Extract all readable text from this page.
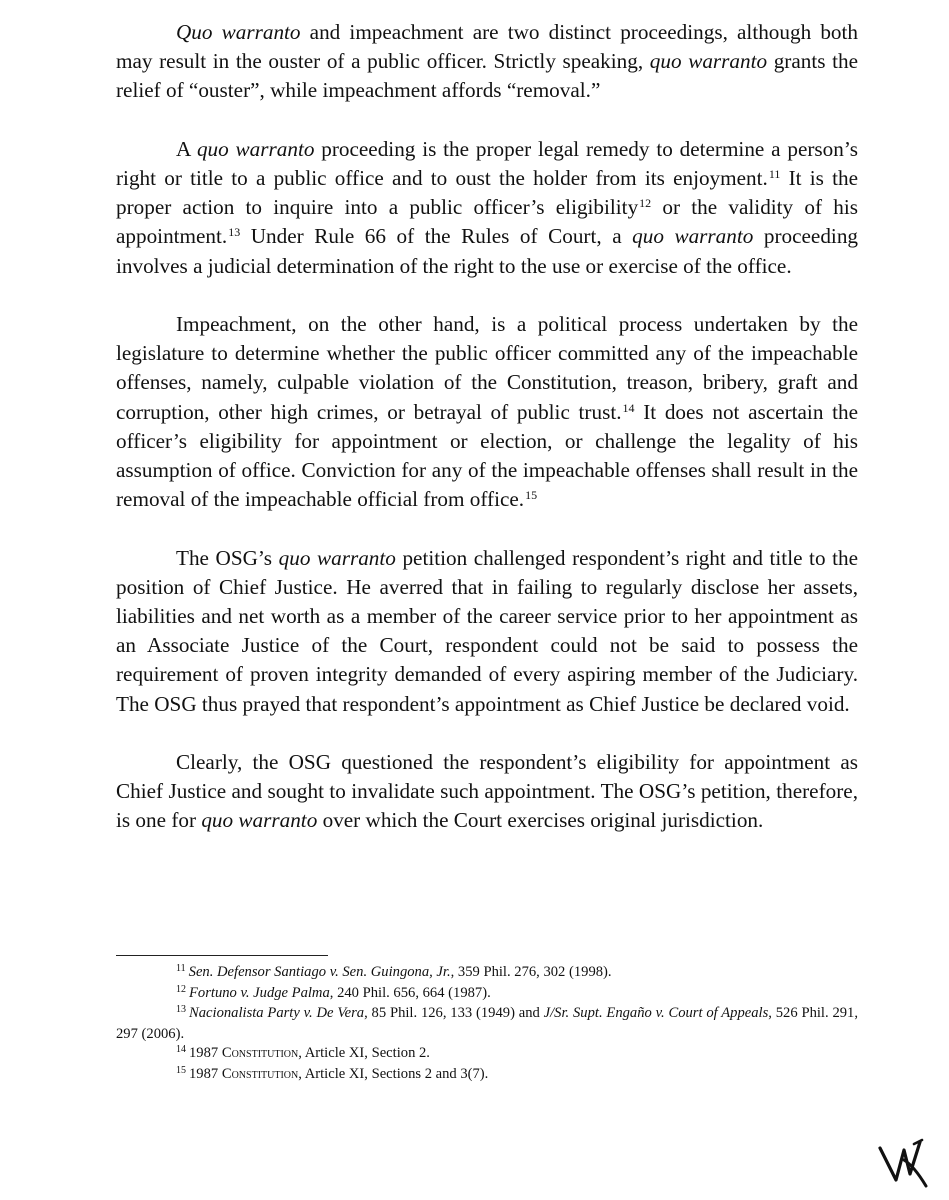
Quo warranto and impeachment are two distinct proceedings, although both may result in the ouster of a public officer. Strictly speaking, quo warranto grants the relief of “ouster”, while impeachment affords “removal.”

A quo warranto proceeding is the proper legal remedy to determine a person’s right or title to a public office and to oust the holder from its enjoyment.$^{11}$ It is the proper action to inquire into a public officer’s eligibility$^{12}$ or the validity of his appointment.$^{13}$ Under Rule 66 of the Rules of Court, a quo warranto proceeding involves a judicial determination of the right to the use or exercise of the office.

Impeachment, on the other hand, is a political process undertaken by the legislature to determine whether the public officer committed any of the impeachable offenses, namely, culpable violation of the Constitution, treason, bribery, graft and corruption, other high crimes, or betrayal of public trust.$^{14}$ It does not ascertain the officer’s eligibility for appointment or election, or challenge the legality of his assumption of office. Conviction for any of the impeachable offenses shall result in the removal of the impeachable official from office.$^{15}$

The OSG’s quo warranto petition challenged respondent’s right and title to the position of Chief Justice. He averred that in failing to regularly disclose her assets, liabilities and net worth as a member of the career service prior to her appointment as an Associate Justice of the Court, respondent could not be said to possess the requirement of proven integrity demanded of every aspiring member of the Judiciary. The OSG thus prayed that respondent’s appointment as Chief Justice be declared void.

Clearly, the OSG questioned the respondent’s eligibility for appointment as Chief Justice and sought to invalidate such appointment. The OSG’s petition, therefore, is one for quo warranto over which the Court exercises original jurisdiction.

$^{11}$ Sen. Defensor Santiago v. Sen. Guingona, Jr., 359 Phil. 276, 302 (1998).

$^{12}$ Fortuno v. Judge Palma, 240 Phil. 656, 664 (1987).

$^{13}$ Nacionalista Party v. De Vera, 85 Phil. 126, 133 (1949) and J/Sr. Supt. Engaño v. Court of Appeals, 526 Phil. 291, 297 (2006).

$^{14}$ 1987 Constitution, Article XI, Section 2.

$^{15}$ 1987 Constitution, Article XI, Sections 2 and 3(7).
